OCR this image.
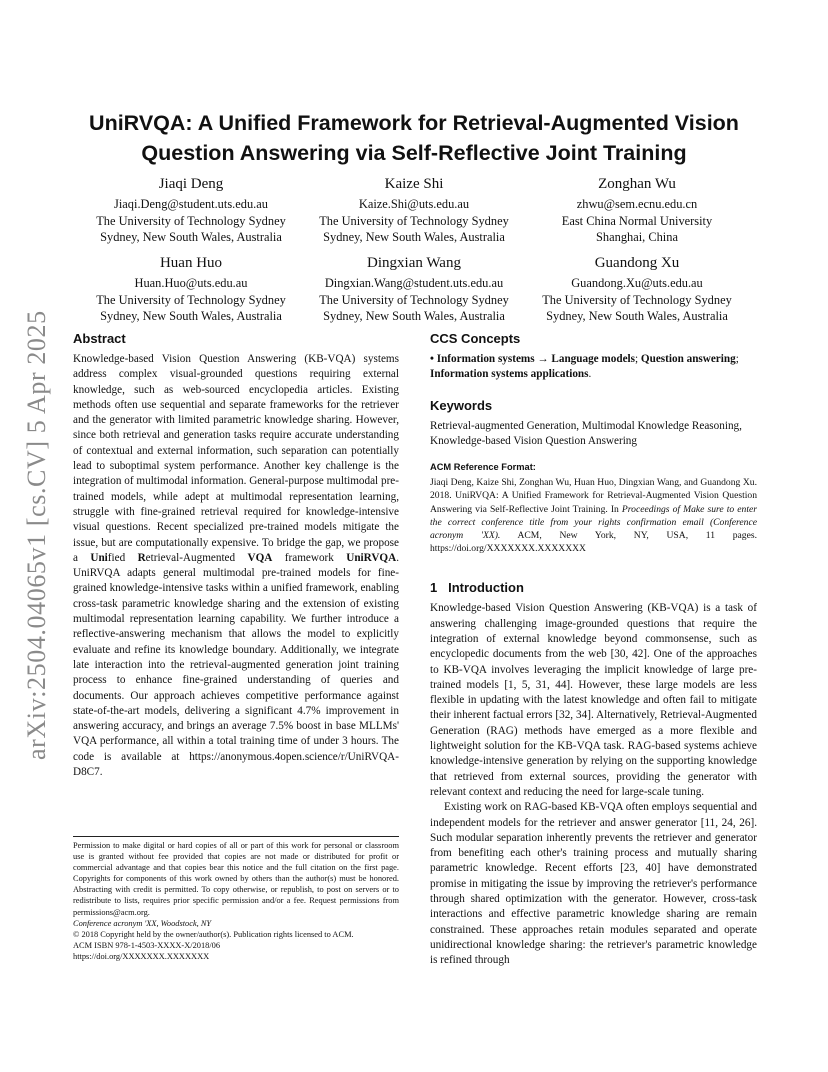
UniRVQA: A Unified Framework for Retrieval-Augmented Vision
Question Answering via Self-Reflective Joint Training
Jiaqi Deng
Jiaqi.Deng@student.uts.edu.au
The University of Technology Sydney
Sydney, New South Wales, Australia
Kaize Shi
Kaize.Shi@uts.edu.au
The University of Technology Sydney
Sydney, New South Wales, Australia
Zonghan Wu
zhwu@sem.ecnu.edu.cn
East China Normal University
Shanghai, China
Huan Huo
Huan.Huo@uts.edu.au
The University of Technology Sydney
Sydney, New South Wales, Australia
Dingxian Wang
Dingxian.Wang@student.uts.edu.au
The University of Technology Sydney
Sydney, New South Wales, Australia
Guandong Xu
Guandong.Xu@uts.edu.au
The University of Technology Sydney
Sydney, New South Wales, Australia
arXiv:2504.04065v1 [cs.CV] 5 Apr 2025 Abstract

Knowledge-based Vision Question Answering (KB-VQA) systems address complex visual-grounded questions requiring external knowledge, such as web-sourced encyclopedia articles. Existing methods often use sequential and separate frameworks for the retriever and the generator with limited parametric knowledge sharing. However, since both retrieval and generation tasks require accurate understanding of contextual and external information, such separation can potentially lead to suboptimal system performance. Another key challenge is the integration of multimodal information. General-purpose multimodal pre-trained models, while adept at multimodal representation learning, struggle with fine-grained retrieval required for knowledge-intensive visual questions. Recent specialized pre-trained models mitigate the issue, but are computationally expensive. To bridge the gap, we propose a Unified Retrieval-Augmented VQA framework UniRVQA. UniRVQA adapts general multimodal pre-trained models for fine-grained knowledge-intensive tasks within a unified framework, enabling cross-task parametric knowledge sharing and the extension of existing multimodal representation learning capability. We further introduce a reflective-answering mechanism that allows the model to explicitly evaluate and refine its knowledge boundary. Additionally, we integrate late interaction into the retrieval-augmented generation joint training process to enhance fine-grained understanding of queries and documents. Our approach achieves competitive performance against state-of-the-art models, delivering a significant 4.7% improvement in answering accuracy, and brings an average 7.5% boost in base MLLMs' VQA performance, all within a total training time of under 3 hours. The code is available at https://anonymous.4open.science/r/UniRVQA-D8C7.

Permission to make digital or hard copies of all or part of this work for personal or classroom use is granted without fee provided that copies are not made or distributed for profit or commercial advantage and that copies bear this notice and the full citation on the first page. Copyrights for components of this work owned by others than the author(s) must be honored. Abstracting with credit is permitted. To copy otherwise, or republish, to post on servers or to redistribute to lists, requires prior specific permission and/or a fee. Request permissions from permissions@acm.org.

Conference acronym 'XX, Woodstock, NY

© 2018 Copyright held by the owner/author(s). Publication rights licensed to ACM.

ACM ISBN 978-1-4503-XXXX-X/2018/06

https://doi.org/XXXXXXX.XXXXXXX

CCS Concepts

• Information systems → Language models; Question answering; Information systems applications.

Keywords

Retrieval-augmented Generation, Multimodal Knowledge Reasoning, Knowledge-based Vision Question Answering

ACM Reference Format:

Jiaqi Deng, Kaize Shi, Zonghan Wu, Huan Huo, Dingxian Wang, and Guandong Xu. 2018. UniRVQA: A Unified Framework for Retrieval-Augmented Vision Question Answering via Self-Reflective Joint Training. In Proceedings of Make sure to enter the correct conference title from your rights confirmation email (Conference acronym 'XX). ACM, New York, NY, USA, 11 pages. https://doi.org/XXXXXXX.XXXXXXX

1 Introduction

Knowledge-based Vision Question Answering (KB-VQA) is a task of answering challenging image-grounded questions that require the integration of external knowledge beyond commonsense, such as encyclopedic documents from the web [30, 42]. One of the approaches to KB-VQA involves leveraging the implicit knowledge of large pre-trained models [1, 5, 31, 44]. However, these large models are less flexible in updating with the latest knowledge and often fail to mitigate their inherent factual errors [32, 34]. Alternatively, Retrieval-Augmented Generation (RAG) methods have emerged as a more flexible and lightweight solution for the KB-VQA task. RAG-based systems achieve knowledge-intensive generation by relying on the supporting knowledge that retrieved from external sources, providing the generator with relevant context and reducing the need for large-scale tuning.

Existing work on RAG-based KB-VQA often employs sequential and independent models for the retriever and answer generator [11, 24, 26]. Such modular separation inherently prevents the retriever and generator from benefiting each other's training process and mutually sharing parametric knowledge. Recent efforts [23, 40] have demonstrated promise in mitigating the issue by improving the retriever's performance through shared optimization with the generator. However, cross-task interactions and effective parametric knowledge sharing are remain constrained. These approaches retain modules separated and operate unidirectional knowledge sharing: the retriever's parametric knowledge is refined through
